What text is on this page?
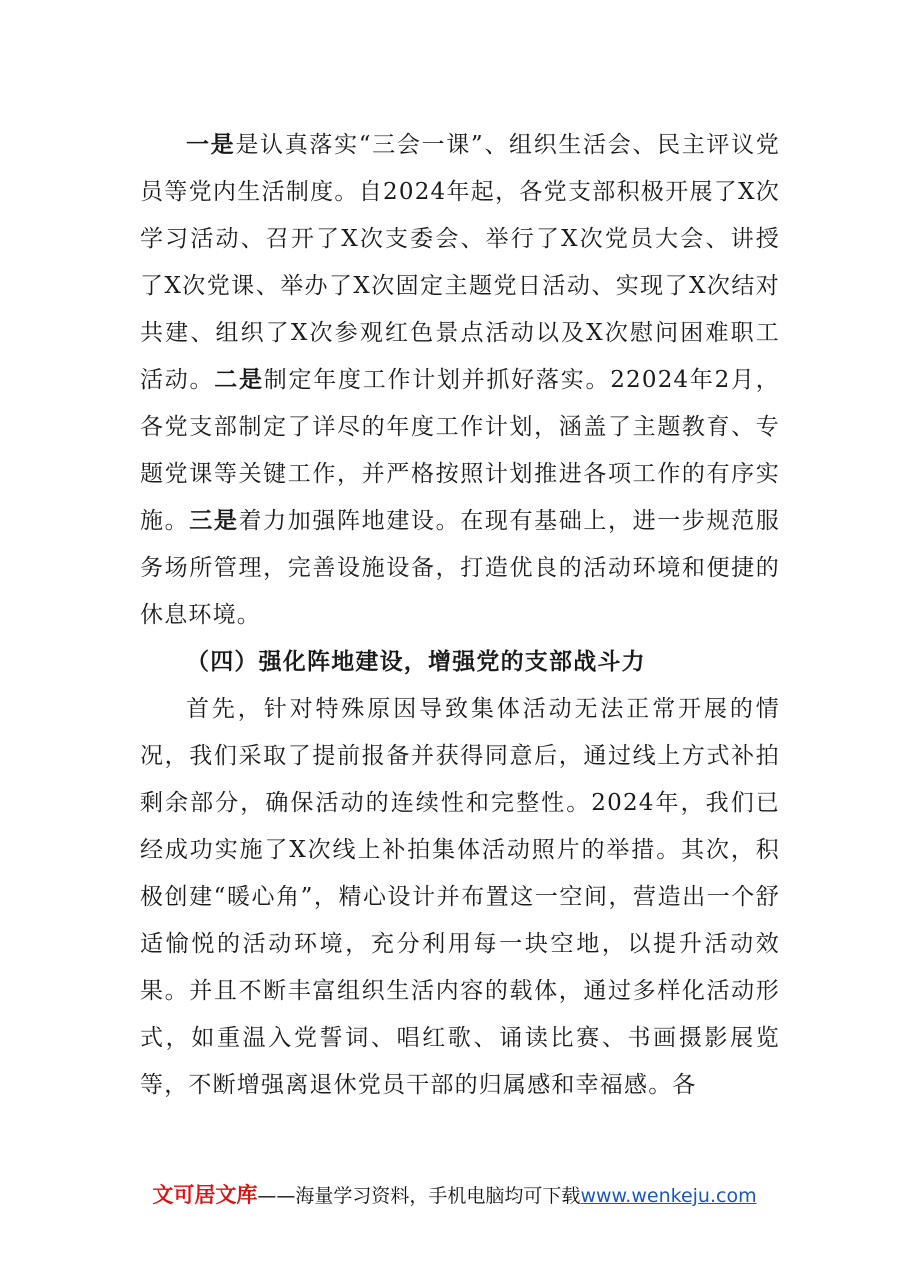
一是是认真落实“三会一课”、组织生活会、民主评议党员等党内生活制度。自2024年起，各党支部积极开展了X次学习活动、召开了X次支委会、举行了X次党员大会、讲授了X次党课、举办了X次固定主题党日活动、实现了X次结对共建、组织了X次参观红色景点活动以及X次慰问困难职工活动。二是制定年度工作计划并抓好落实。22024年2月，各党支部制定了详尽的年度工作计划，涵盖了主题教育、专题党课等关键工作，并严格按照计划推进各项工作的有序实施。三是着力加强阵地建设。在现有基础上，进一步规范服务场所管理，完善设施设备，打造优良的活动环境和便捷的休息环境。

（四）强化阵地建设，增强党的支部战斗力

首先，针对特殊原因导致集体活动无法正常开展的情况，我们采取了提前报备并获得同意后，通过线上方式补拍剩余部分，确保活动的连续性和完整性。2024年，我们已经成功实施了X次线上补拍集体活动照片的举措。其次，积极创建“暖心角”，精心设计并布置这一空间，营造出一个舒适愉悦的活动环境，充分利用每一块空地，以提升活动效果。并且不断丰富组织生活内容的载体，通过多样化活动形式，如重温入党誓词、唱红歌、诵读比赛、书画摄影展览等，不断增强离退休党员干部的归属感和幸福感。各

文可居文库——海量学习资料，手机电脑均可下载www.wenkeju.com
